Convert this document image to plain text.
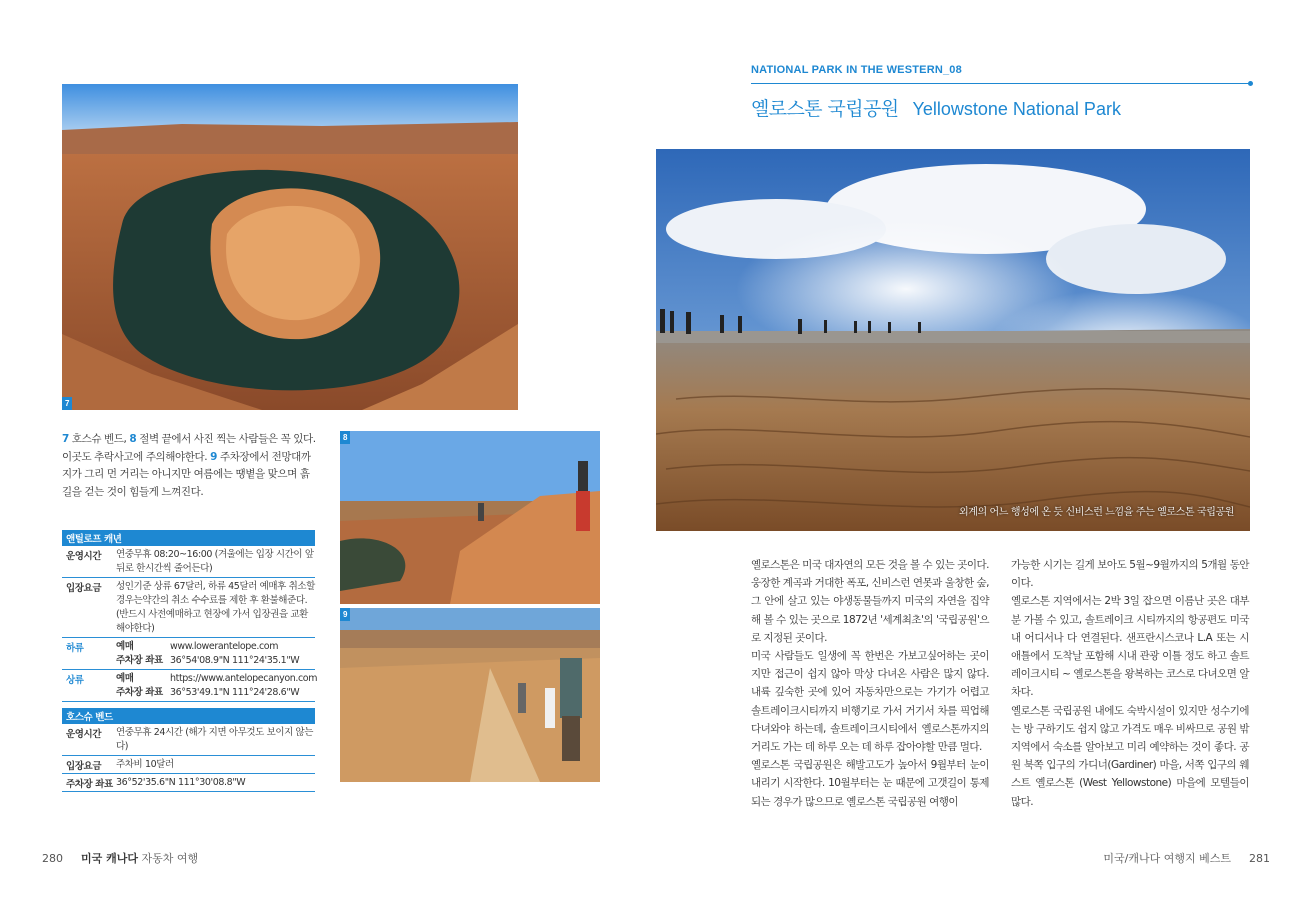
7
7 호스슈 벤드, 8 절벽 끝에서 사진 찍는 사람들은 꼭 있다. 이곳도 추락사고에 주의해야한다. 9 주차장에서 전망대까지가 그리 먼 거리는 아니지만 여름에는 땡볕을 맞으며 흙길을 걷는 것이 힘들게 느껴진다.
앤틸로프 캐년
운영시간	연중무휴 08:20~16:00 (겨울에는 입장 시간이 앞 뒤로 한시간씩 줄어든다)
입장요금	성인기준 상류 67달러, 하류 45달러 예매후 취소할 경우는약간의 취소 수수료를 제한 후 환불해준다. (반드시 사전예매하고 현장에 가서 입장권을 교환해야한다)
하류	예매	www.lowerantelope.com
주차장 좌표 36°54'08.9"N 111°24'35.1"W
상류	예매	https://www.antelopecanyon.com
주차장 좌표 36°53'49.1"N 111°24'28.6"W
호스슈 벤드
운영시간	연중무휴 24시간 (해가 지면 아무것도 보이지 않는다)
입장요금	주차비 10달러
주차장 좌표 36°52'35.6"N 111°30'08.8"W
8
9
280 미국 캐나다 자동차 여행
NATIONAL PARK IN THE WESTERN_08
옐로스톤 국립공원 Yellowstone National Park
외계의 어느 행성에 온 듯 신비스런 느낌을 주는 옐로스톤 국립공원

옐로스톤은 미국 대자연의 모든 것을 볼 수 있는 곳이다. 웅장한 계곡과 거대한 폭포, 신비스런 연못과 울창한 숲, 그 안에 살고 있는 야생동물들까지 미국의 자연을 집약해 볼 수 있는 곳으로 1872년 '세계최초'의 '국립공원'으로 지정된 곳이다.

미국 사람들도 일생에 꼭 한번은 가보고싶어하는 곳이지만 접근이 쉽지 않아 막상 다녀온 사람은 많지 않다. 내륙 깊숙한 곳에 있어 자동차만으로는 가기가 어렵고 솔트레이크시티까지 비행기로 가서 거기서 차를 픽업해 다녀와야 하는데, 솔트레이크시티에서 옐로스톤까지의 거리도 가는 데 하루 오는 데 하루 잡아야할 만큼 멀다.

옐로스톤 국립공원은 해발고도가 높아서 9월부터 눈이 내리기 시작한다. 10월부터는 눈 때문에 고갯길이 통제되는 경우가 많으므로 옐로스톤 국립공원 여행이

가능한 시기는 길게 보아도 5월~9월까지의 5개월 동안이다.

옐로스톤 지역에서는 2박 3일 잡으면 이름난 곳은 대부분 가볼 수 있고, 솔트레이크 시티까지의 항공편도 미국 내 어디서나 다 연결된다. 샌프란시스코나 L.A 또는 시애틀에서 도착날 포함해 시내 관광 이틀 정도 하고 솔트레이크시티 ~ 옐로스톤을 왕복하는 코스로 다녀오면 알차다.

옐로스톤 국립공원 내에도 숙박시설이 있지만 성수기에는 방 구하기도 쉽지 않고 가격도 매우 비싸므로 공원 밖 지역에서 숙소를 알아보고 미리 예약하는 것이 좋다. 공원 북쪽 입구의 가디너(Gardiner) 마을, 서쪽 입구의 웨스트 옐로스톤 (West Yellowstone) 마을에 모텔들이 많다.

미국/캐나다 여행지 베스트 281
